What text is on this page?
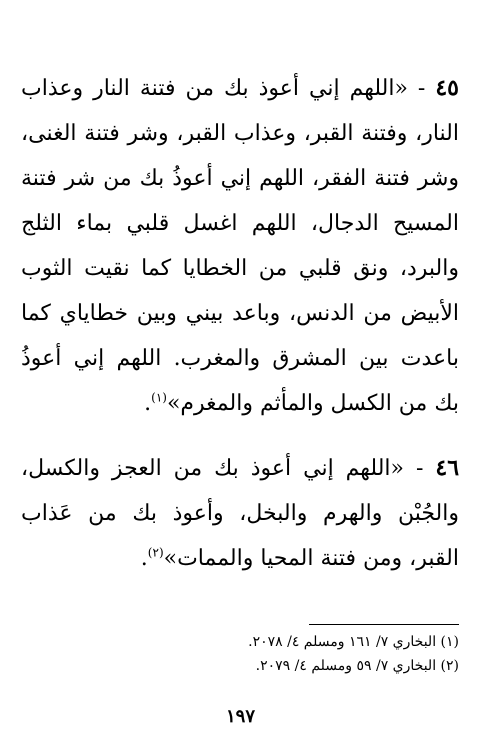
٤٥ - «اللهم إني أعوذ بك من فتنة النار وعذاب النار، وفتنة القبر، وعذاب القبر، وشر فتنة الغنى، وشر فتنة الفقر، اللهم إني أعوذُ بك من شر فتنة المسيح الدجال، اللهم اغسل قلبي بماء الثلج والبرد، ونق قلبي من الخطايا كما نقيت الثوب الأبيض من الدنس، وباعد بيني وبين خطاياي كما باعدت بين المشرق والمغرب. اللهم إني أعوذُ بك من الكسل والمأثم والمغرم»$^{(١)}$.

٤٦ - «اللهم إني أعوذ بك من العجز والكسل، والجُبْن والهرم والبخل، وأعوذ بك من عَذاب القبر، ومن فتنة المحيا والممات»$^{(٢)}$.

(١) البخاري ٧/ ١٦١ ومسلم ٤/ ٢٠٧٨.

(٢) البخاري ٧/ ٥٩ ومسلم ٤/ ٢٠٧٩.

١٩٧
